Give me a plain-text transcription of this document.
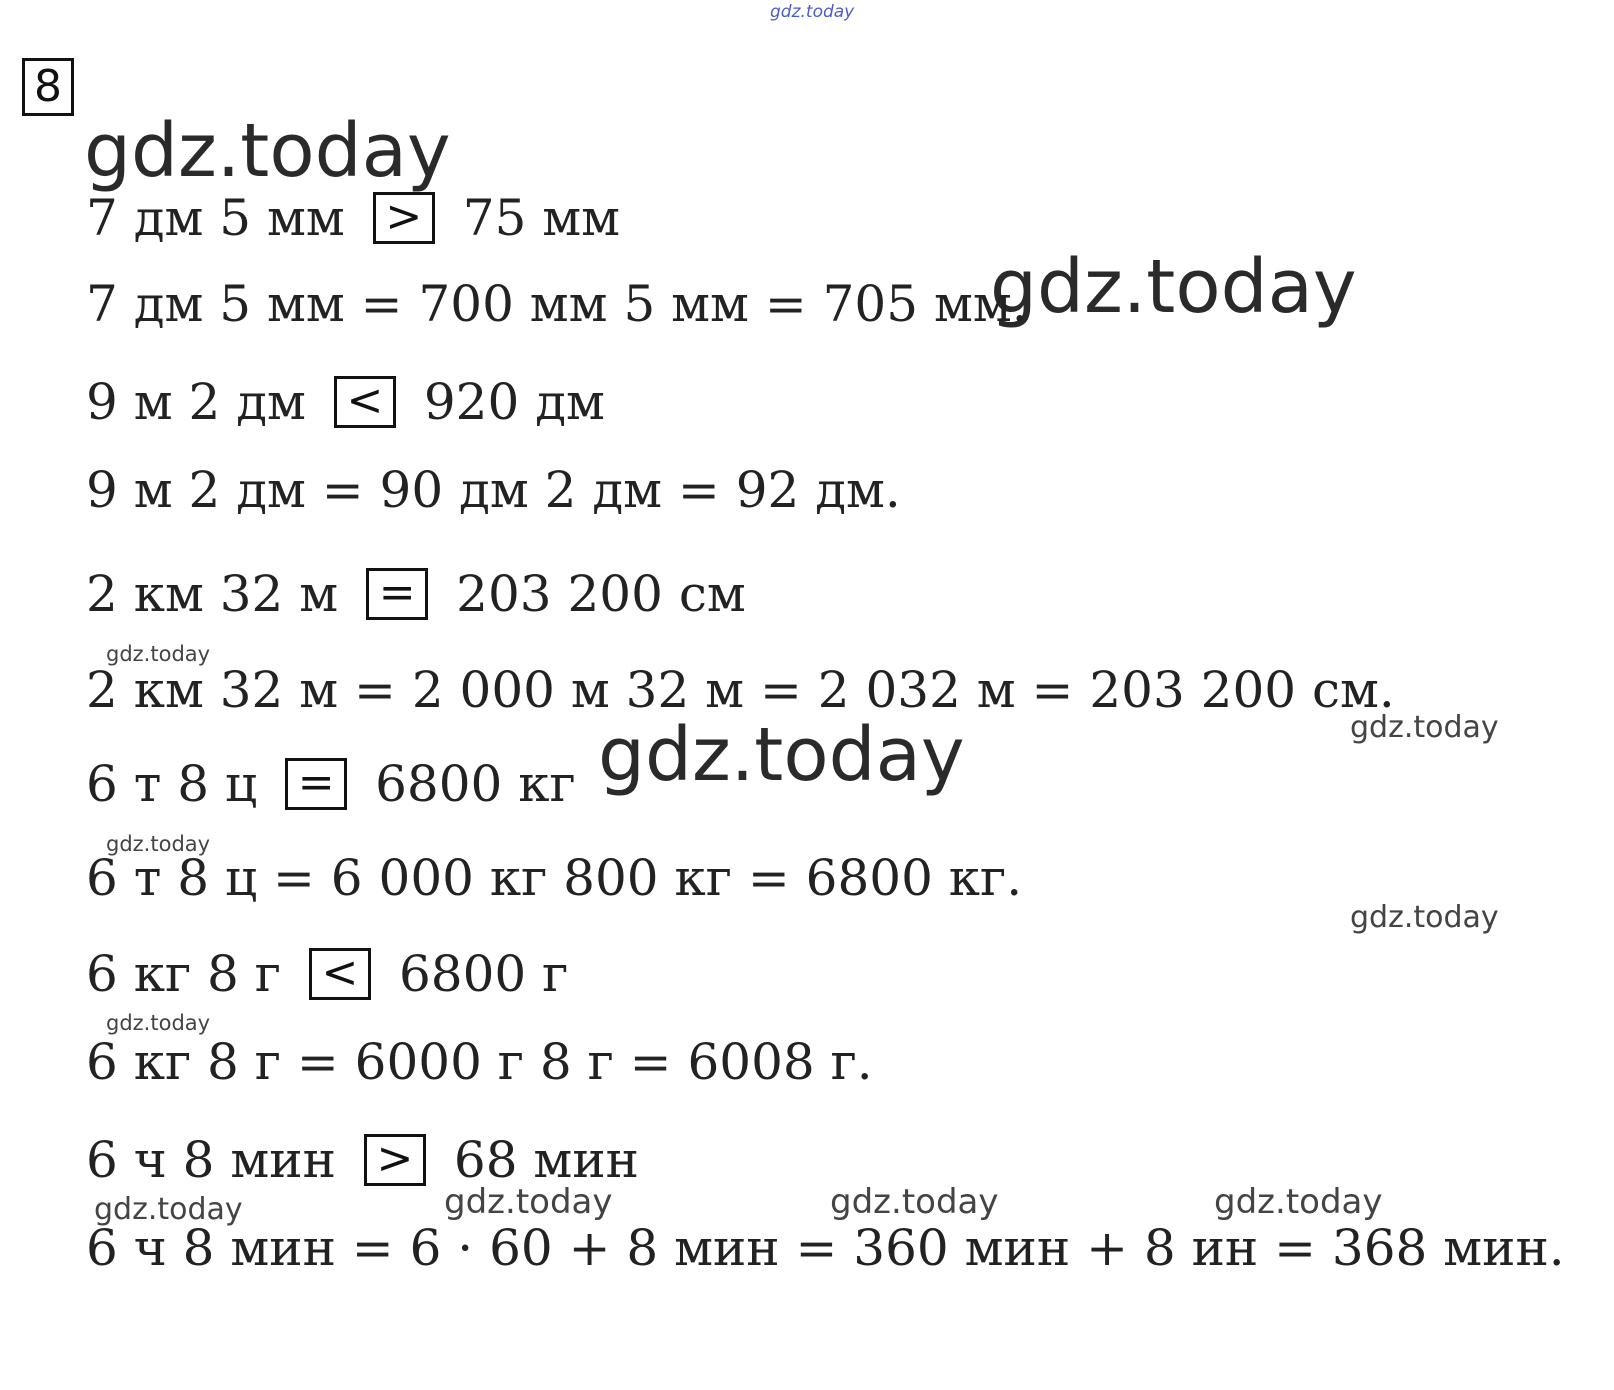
8
gdz.today
gdz.today
gdz.today
gdz.today
gdz.today
gdz.today
gdz.today
gdz.today
gdz.today
gdz.today	gdz.today	gdz.today	gdz.today
7 дм 5 мм > 75 мм
7 дм 5 мм = 700 мм 5 мм = 705 мм.
9 м 2 дм < 920 дм
9 м 2 дм = 90 дм 2 дм = 92 дм.
2 км 32 м = 203 200 см
2 км 32 м = 2 000 м 32 м = 2 032 м = 203 200 см.
6 т 8 ц = 6800 кг
6 т 8 ц = 6 000 кг 800 кг = 6800 кг.
6 кг 8 г < 6800 г
6 кг 8 г = 6000 г 8 г = 6008 г.
6 ч 8 мин > 68 мин
6 ч 8 мин = 6 · 60 + 8 мин = 360 мин + 8 ин = 368 мин.
